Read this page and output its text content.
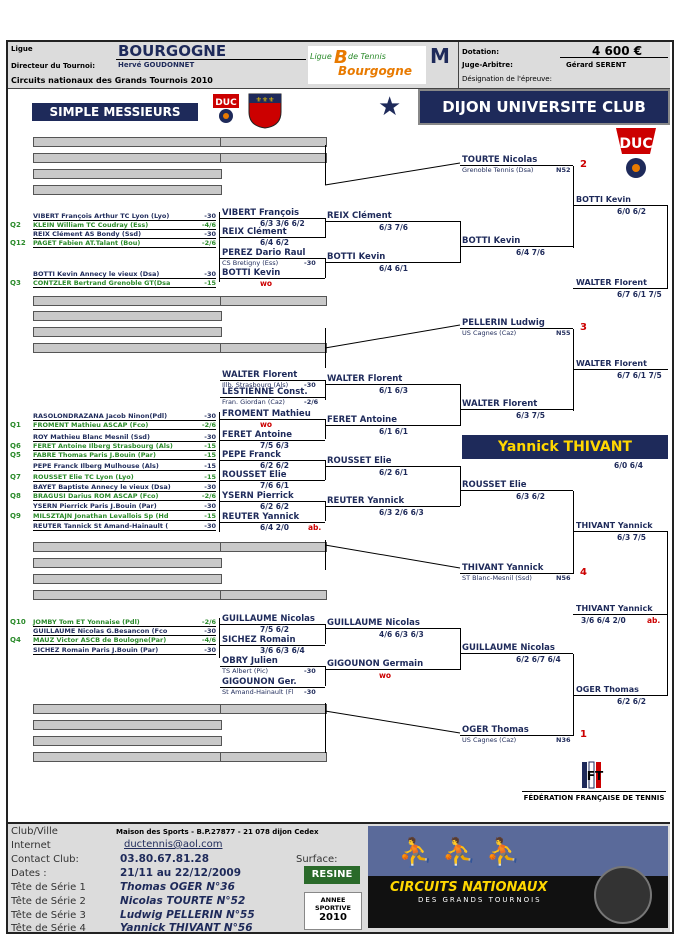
Ligue	BOURGOGNE
Directeur du Tournoi:	Hervé GOUDONNET
Circuits nationaux des Grands Tournois 2010
Ligue B de Tennis
Bourgogne
M Dotation:	4 600 €
Juge-Arbitre:	Gérard SERENT
Désignation de l'épreuve:
SIMPLE MESSIEURS
DUC	⚜⚜⚜	★	DIJON UNIVERSITE CLUB
DUC
Yannick THIVANT
6/0 6/4
VIBERT François Arthur TC Lyon (Lyo)	-30
Q2 KLEIN William TC Coudray (Ess)	-4/6
REIX Clément AS Bondy (Ssd)	-30
Q12 PAGET Fabien AT.Talant (Bou)	-2/6
BOTTI Kevin Annecy le vieux (Dsa)	-30
Q3 CONTZLER Bertrand Grenoble GT(Dsa	-15
RASOLONDRAZANA Jacob Ninon(Pdl)	-30
Q1 FROMENT Mathieu ASCAP (Fco)	-2/6
ROY Mathieu Blanc Mesnil (Ssd)	-30
Q6 FERET Antoine Ilberg Strasbourg (Als)	-15
Q5 FABRE Thomas Paris J.Bouin (Par)	-15
PEPE Franck Ilberg Mulhouse (Als)	-15
Q7 ROUSSET Elie TC Lyon (Lyo)	-15
BAYET Baptiste Annecy le vieux (Dsa)	-30
Q8 BRAGUSI Darius ROM ASCAP (Fco)	-2/6
YSERN Pierrick Paris J.Bouin (Par)	-30
Q9 MILSZTAJN Jonathan Levallois Sp (Hd	-15
REUTER Tannick St Amand-Hainault (	-30
Q10 JOMBY Tom ET Yonnaise (Pdl)	-2/6
GUILLAUME Nicolas G.Besancon (Fco	-30
Q4 MAUZ Victor ASCB de Boulogne(Par)	-4/6
SICHEZ Romain Paris J.Bouin (Par)	-30
VIBERT François
6/3 3/6 6/2
REIX Clément
6/4 6/2
PEREZ Dario Raul
CS Bretigny (Ess)	-30
BOTTI Kevin
wo
WALTER Florent
Illb. Strasbourg (Als) -30
LESTIENNE Const.
Fran. Giordan (Caz)	-2/6
FROMENT Mathieu
wo
FERET Antoine
7/5 6/3
PEPE Franck
6/2 6/2
ROUSSET Elie
7/6 6/1
YSERN Pierrick
6/2 6/2
REUTER Yannick
6/4 2/0	ab.
GUILLAUME Nicolas
7/5 6/2
SICHEZ Romain
3/6 6/3 6/4
OBRY Julien
TS Albert (Pic)	-30
GIGOUNON Ger.
St Amand-Hainault (Fl -30
REIX Clément
6/3 7/6
BOTTI Kevin
6/4 6/1
WALTER Florent
6/1 6/3
FERET Antoine
6/1 6/1
ROUSSET Elie
6/2 6/1
REUTER Yannick
6/3 2/6 6/3
GUILLAUME Nicolas
4/6 6/3 6/3
GIGOUNON Germain
wo
TOURTE Nicolas
Grenoble Tennis (Dsa)	N52 2
BOTTI Kevin
6/4 7/6
PELLERIN Ludwig
US Cagnes (Caz)	N55 3
WALTER Florent
6/3 7/5
ROUSSET Elie
6/3 6/2
THIVANT Yannick
ST Blanc-Mesnil (Ssd)	N56 4
GUILLAUME Nicolas
6/2 6/7 6/4
OGER Thomas
US Cagnes (Caz)	N36 1
BOTTI Kevin
6/0 6/2
WALTER Florent
6/7 6/1 7/5
THIVANT Yannick
6/3 7/5
OGER Thomas
6/2 6/2
WALTER Florent
6/7 6/1 7/5
THIVANT Yannick
3/6 6/4 2/0	ab.
FT
FÉDÉRATION FRANÇAISE DE TENNIS
Club/Ville	Maison des Sports - B.P.27877 - 21 078 dijon Cedex
Internet	ductennis@aol.com
Contact Club:	03.80.67.81.28
Dates :	21/11 au 22/12/2009
Tête de Série 1	Thomas OGER N°36
Tête de Série 2	Nicolas TOURTE N°52
Tête de Série 3	Ludwig PELLERIN N°55
Tête de Série 4	Yannick THIVANT N°56
Surface:
RESINE
ANNEE SPORTIVE
2010
⛹ ⛹ ⛹
CIRCUITS NATIONAUX
DES GRANDS TOURNOIS
